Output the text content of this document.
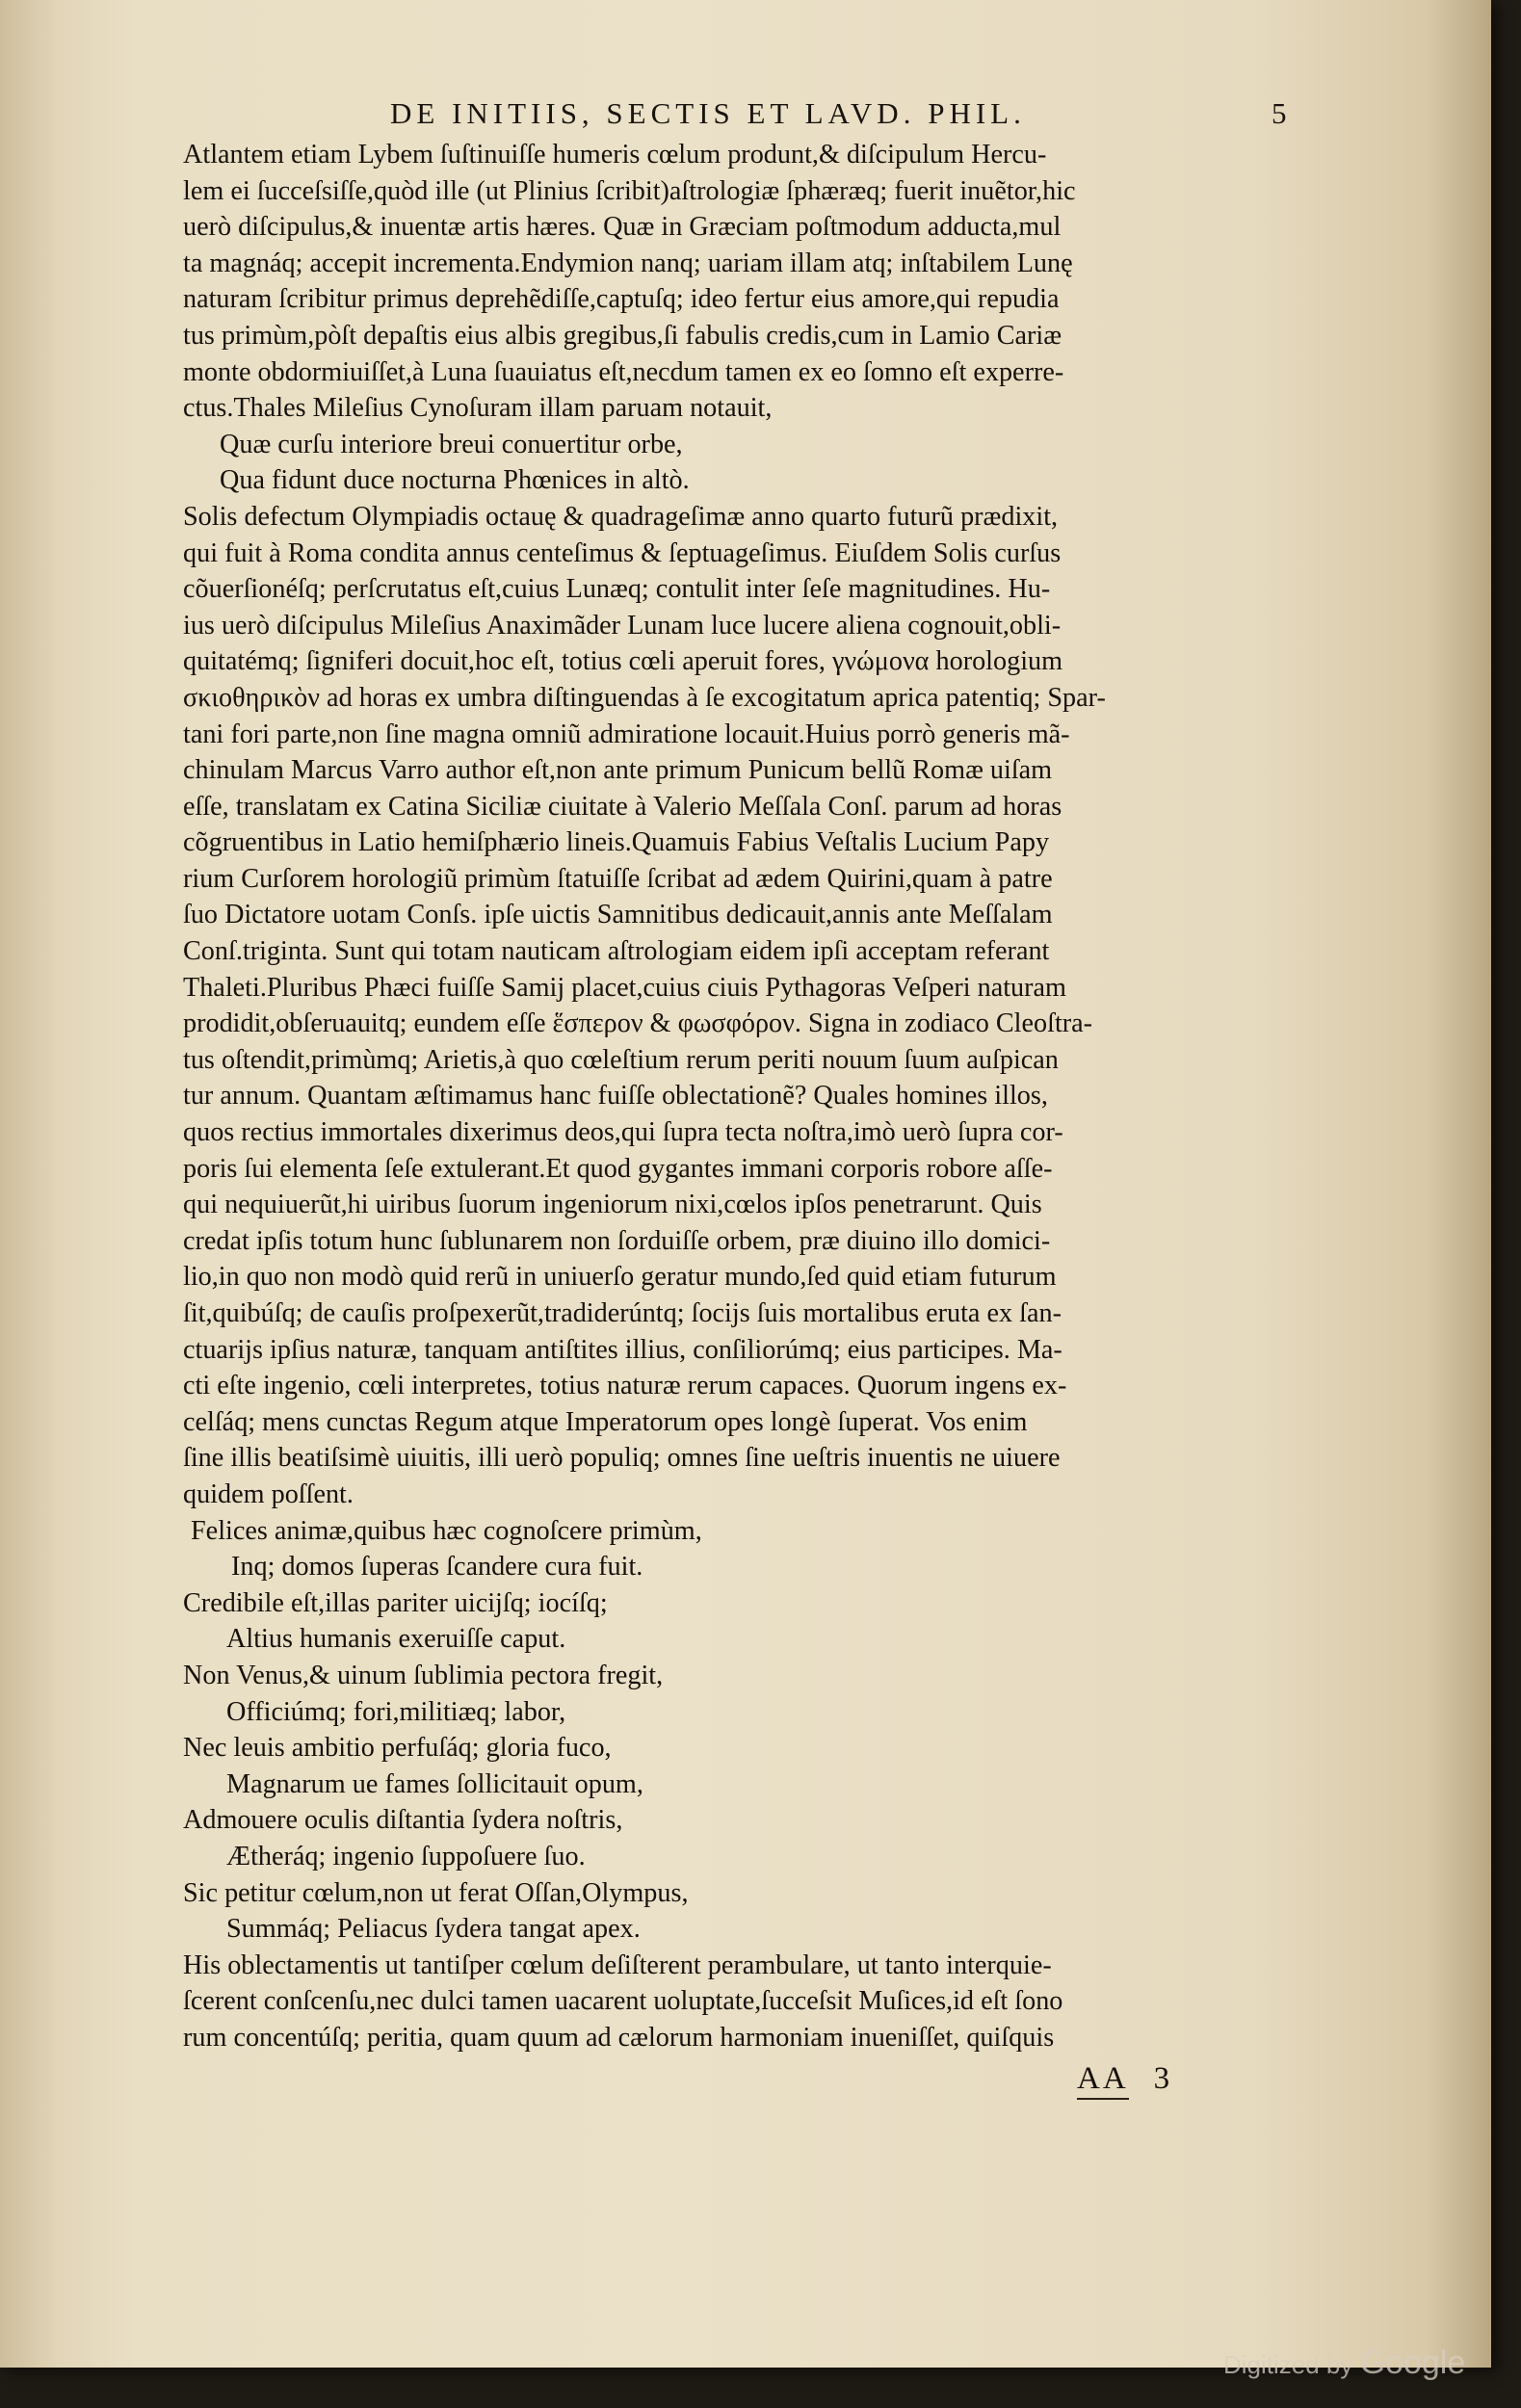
DE INITIIS, SECTIS ET LAVD. PHIL.	5
Atlantem etiam Lybem ſuſtinuiſſe humeris cœlum produnt,& diſcipulum Hercu-
lem ei ſucceſsiſſe,quòd ille (ut Plinius ſcribit)aſtrologiæ ſphæræq; fuerit inuẽtor,hic
uerò diſcipulus,& inuentæ artis hæres. Quæ in Græciam poſtmodum adducta,mul
ta magnáq; accepit incrementa.Endymion nanq; uariam illam atq; inſtabilem Lunę
naturam ſcribitur primus deprehẽdiſſe,captuſq; ideo fertur eius amore,qui repudia
tus primùm,pòſt depaſtis eius albis gregibus,ſi fabulis credis,cum in Lamio Cariæ
monte obdormiuiſſet,à Luna ſuauiatus eſt,necdum tamen ex eo ſomno eſt experre-
ctus.Thales Mileſius Cynoſuram illam paruam notauit,
Quæ curſu interiore breui conuertitur orbe,
Qua fidunt duce nocturna Phœnices in altò.
Solis defectum Olympiadis octauę & quadrageſimæ anno quarto futurũ prædixit,
qui fuit à Roma condita annus centeſimus & ſeptuageſimus. Eiuſdem Solis curſus
cõuerſionéſq; perſcrutatus eſt,cuius Lunæq; contulit inter ſeſe magnitudines. Hu-
ius uerò diſcipulus Mileſius Anaximãder Lunam luce lucere aliena cognouit,obli-
quitatémq; ſigniferi docuit,hoc eſt, totius cœli aperuit fores, γνώμονα horologium
σκιοθηρικὸν ad horas ex umbra diſtinguendas à ſe excogitatum aprica patentiq; Spar-
tani fori parte,non ſine magna omniũ admiratione locauit.Huius porrò generis mã-
chinulam Marcus Varro author eſt,non ante primum Punicum bellũ Romæ uiſam
eſſe, translatam ex Catina Siciliæ ciuitate à Valerio Meſſala Conſ. parum ad horas
cõgruentibus in Latio hemiſphærio lineis.Quamuis Fabius Veſtalis Lucium Papy
rium Curſorem horologiũ primùm ſtatuiſſe ſcribat ad ædem Quirini,quam à patre
ſuo Dictatore uotam Conſs. ipſe uictis Samnitibus dedicauit,annis ante Meſſalam
Conſ.triginta. Sunt qui totam nauticam aſtrologiam eidem ipſi acceptam referant
Thaleti.Pluribus Phæci fuiſſe Samij placet,cuius ciuis Pythagoras Veſperi naturam
prodidit,obſeruauitq; eundem eſſe ἕσπερον & φωσφόρον. Signa in zodiaco Cleoſtra-
tus oſtendit,primùmq; Arietis,à quo cœleſtium rerum periti nouum ſuum auſpican
tur annum. Quantam æſtimamus hanc fuiſſe oblectationẽ? Quales homines illos,
quos rectius immortales dixerimus deos,qui ſupra tecta noſtra,imò uerò ſupra cor-
poris ſui elementa ſeſe extulerant.Et quod gygantes immani corporis robore aſſe-
qui nequiuerũt,hi uiribus ſuorum ingeniorum nixi,cœlos ipſos penetrarunt. Quis
credat ipſis totum hunc ſublunarem non ſorduiſſe orbem, præ diuino illo domici-
lio,in quo non modò quid rerũ in uniuerſo geratur mundo,ſed quid etiam futurum
ſit,quibúſq; de cauſis proſpexerũt,tradiderúntq; ſocijs ſuis mortalibus eruta ex ſan-
ctuarijs ipſius naturæ, tanquam antiſtites illius, conſiliorúmq; eius participes. Ma-
cti eſte ingenio, cœli interpretes, totius naturæ rerum capaces. Quorum ingens ex-
celſáq; mens cunctas Regum atque Imperatorum opes longè ſuperat. Vos enim
ſine illis beatiſsimè uiuitis, illi uerò populiq; omnes ſine ueſtris inuentis ne uiuere
quidem poſſent.
Felices animæ,quibus hæc cognoſcere primùm,
Inq; domos ſuperas ſcandere cura fuit.
Credibile eſt,illas pariter uicijſq; iocíſq;
Altius humanis exeruiſſe caput.
Non Venus,& uinum ſublimia pectora fregit,
Officiúmq; fori,militiæq; labor,
Nec leuis ambitio perfuſáq; gloria fuco,
Magnarum ue fames ſollicitauit opum,
Admouere oculis diſtantia ſydera noſtris,
Ætheráq; ingenio ſuppoſuere ſuo.
Sic petitur cœlum,non ut ferat Oſſan,Olympus,
Summáq; Peliacus ſydera tangat apex.
His oblectamentis ut tantiſper cœlum deſiſterent perambulare, ut tanto interquie-
ſcerent conſcenſu,nec dulci tamen uacarent uoluptate,ſucceſsit Muſices,id eſt ſono
rum concentúſq; peritia, quam quum ad cælorum harmoniam inueniſſet, quiſquis
AA 3
Digitized by Google
